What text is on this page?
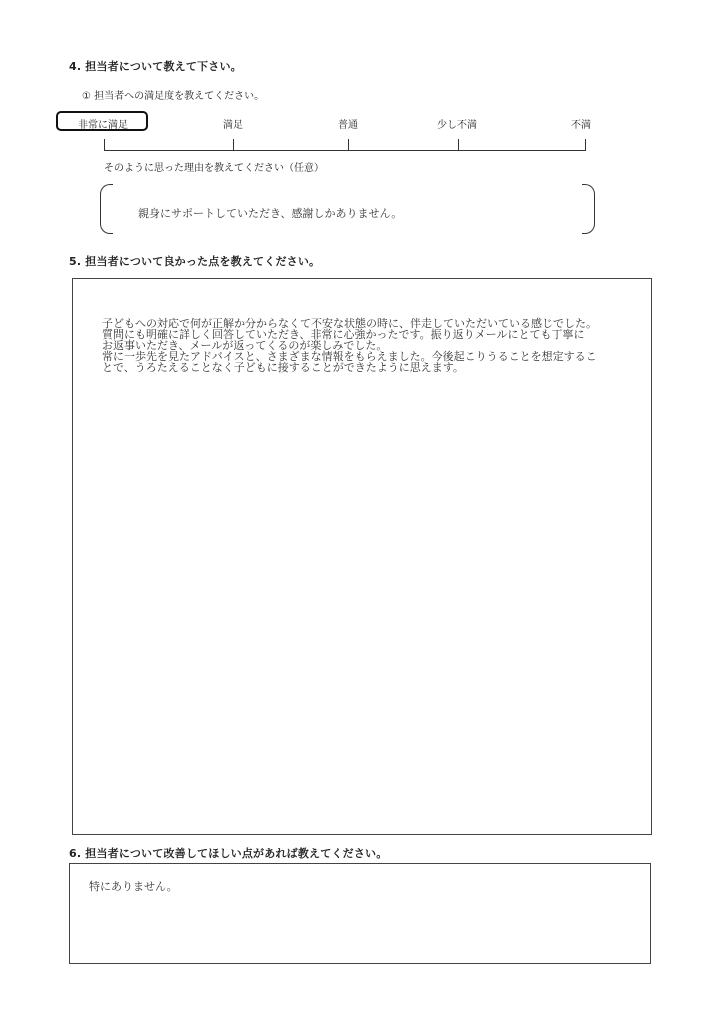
4. 担当者について教えて下さい。
① 担当者への満足度を教えてください。
非常に満足	満足	普通	少し不満	不満
そのように思った理由を教えてください（任意）
親身にサポートしていただき、感謝しかありません。
5. 担当者について良かった点を教えてください。
子どもへの対応で何が正解か分からなくて不安な状態の時に、伴走していただいている感じでした。
質問にも明確に詳しく回答していただき、非常に心強かったです。振り返りメールにとても丁寧に
お返事いただき、メールが返ってくるのが楽しみでした。
常に一歩先を見たアドバイスと、さまざまな情報をもらえました。今後起こりうることを想定するこ
とで、うろたえることなく子どもに接することができたように思えます。
6. 担当者について改善してほしい点があれば教えてください。
特にありません。
